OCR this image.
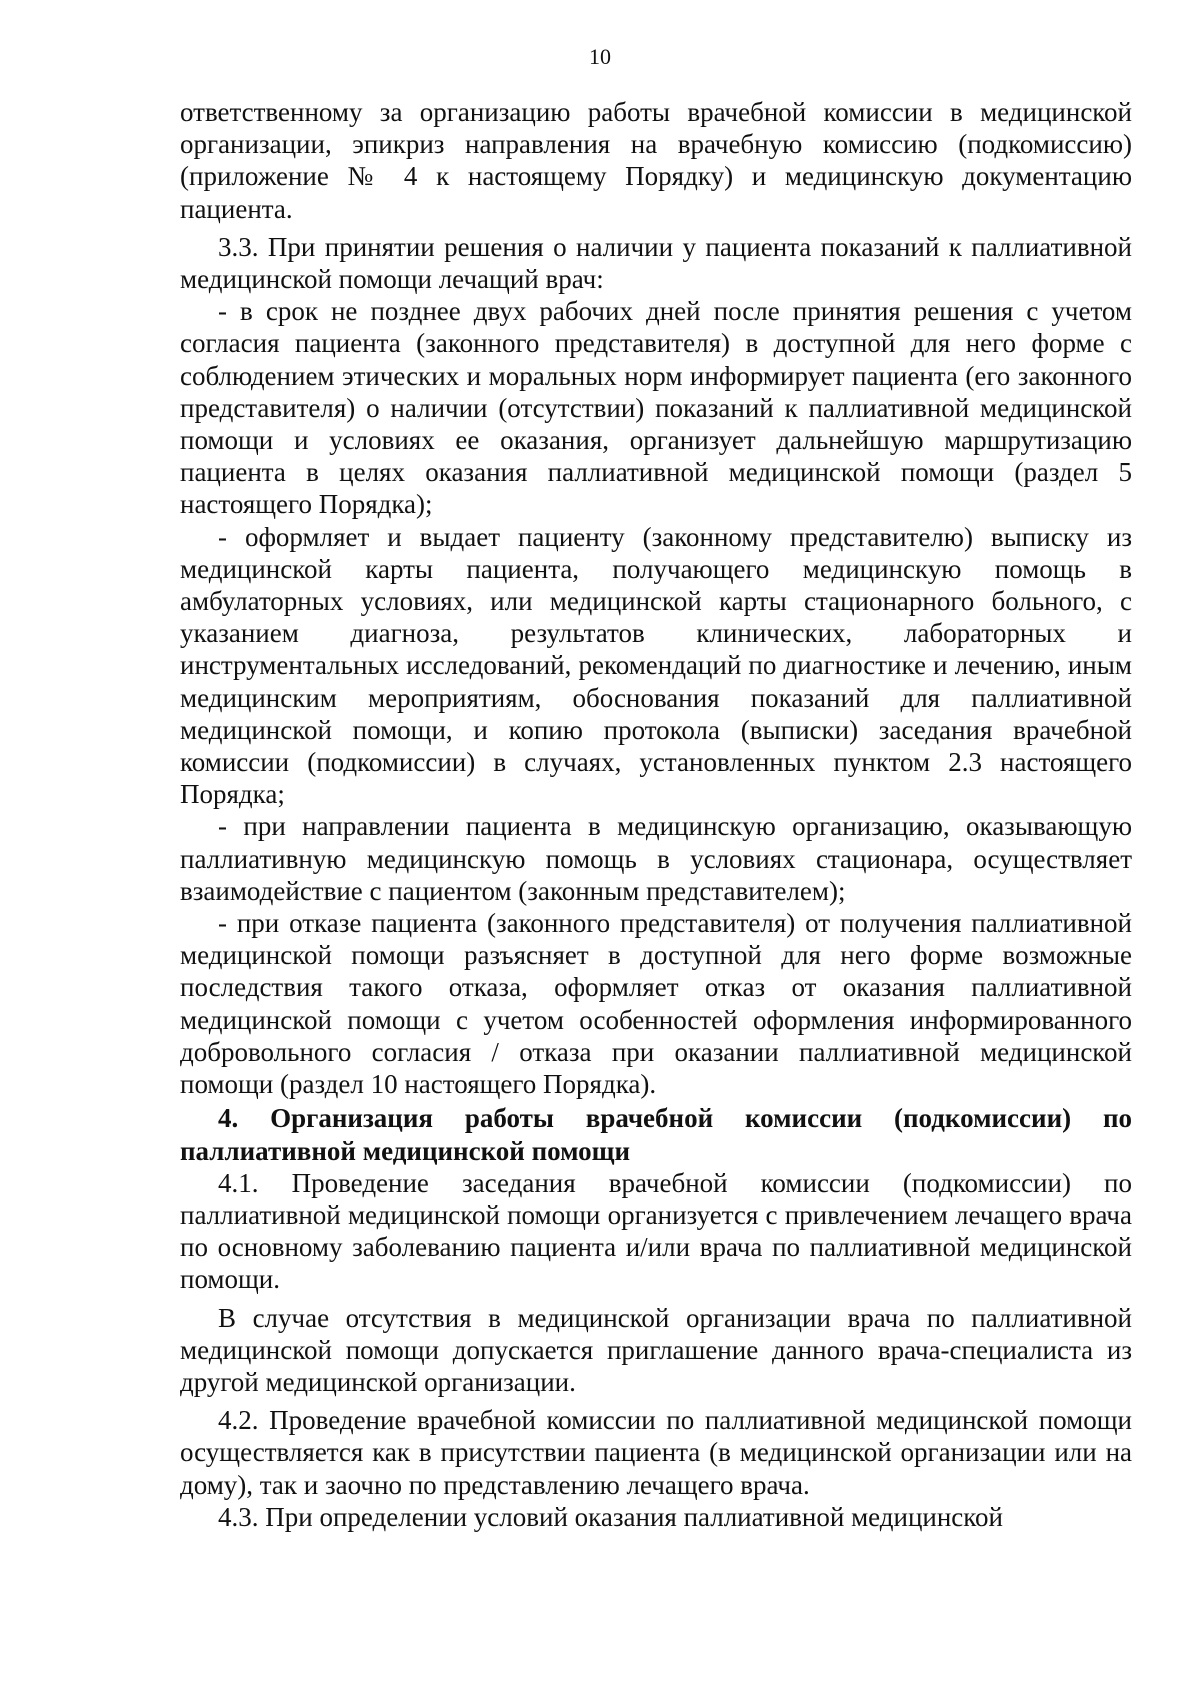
10

ответственному за организацию работы врачебной комиссии в медицинской организации, эпикриз направления на врачебную комиссию (подкомиссию) (приложение № 4 к настоящему Порядку) и медицинскую документацию пациента.

3.3. При принятии решения о наличии у пациента показаний к паллиативной медицинской помощи лечащий врач:

- в срок не позднее двух рабочих дней после принятия решения с учетом согласия пациента (законного представителя) в доступной для него форме с соблюдением этических и моральных норм информирует пациента (его законного представителя) о наличии (отсутствии) показаний к паллиативной медицинской помощи и условиях ее оказания, организует дальнейшую маршрутизацию пациента в целях оказания паллиативной медицинской помощи (раздел 5 настоящего Порядка);

- оформляет и выдает пациенту (законному представителю) выписку из медицинской карты пациента, получающего медицинскую помощь в амбулаторных условиях, или медицинской карты стационарного больного, с указанием диагноза, результатов клинических, лабораторных и инструментальных исследований, рекомендаций по диагностике и лечению, иным медицинским мероприятиям, обоснования показаний для паллиативной медицинской помощи, и копию протокола (выписки) заседания врачебной комиссии (подкомиссии) в случаях, установленных пунктом 2.3 настоящего Порядка;

- при направлении пациента в медицинскую организацию, оказывающую паллиативную медицинскую помощь в условиях стационара, осуществляет взаимодействие с пациентом (законным представителем);

- при отказе пациента (законного представителя) от получения паллиативной медицинской помощи разъясняет в доступной для него форме возможные последствия такого отказа, оформляет отказ от оказания паллиативной медицинской помощи с учетом особенностей оформления информированного добровольного согласия / отказа при оказании паллиативной медицинской помощи (раздел 10 настоящего Порядка).

4. Организация работы врачебной комиссии (подкомиссии) по паллиативной медицинской помощи

4.1. Проведение заседания врачебной комиссии (подкомиссии) по паллиативной медицинской помощи организуется с привлечением лечащего врача по основному заболеванию пациента и/или врача по паллиативной медицинской помощи.

В случае отсутствия в медицинской организации врача по паллиативной медицинской помощи допускается приглашение данного врача-специалиста из другой медицинской организации.

4.2. Проведение врачебной комиссии по паллиативной медицинской помощи осуществляется как в присутствии пациента (в медицинской организации или на дому), так и заочно по представлению лечащего врача.

4.3. При определении условий оказания паллиативной медицинской
